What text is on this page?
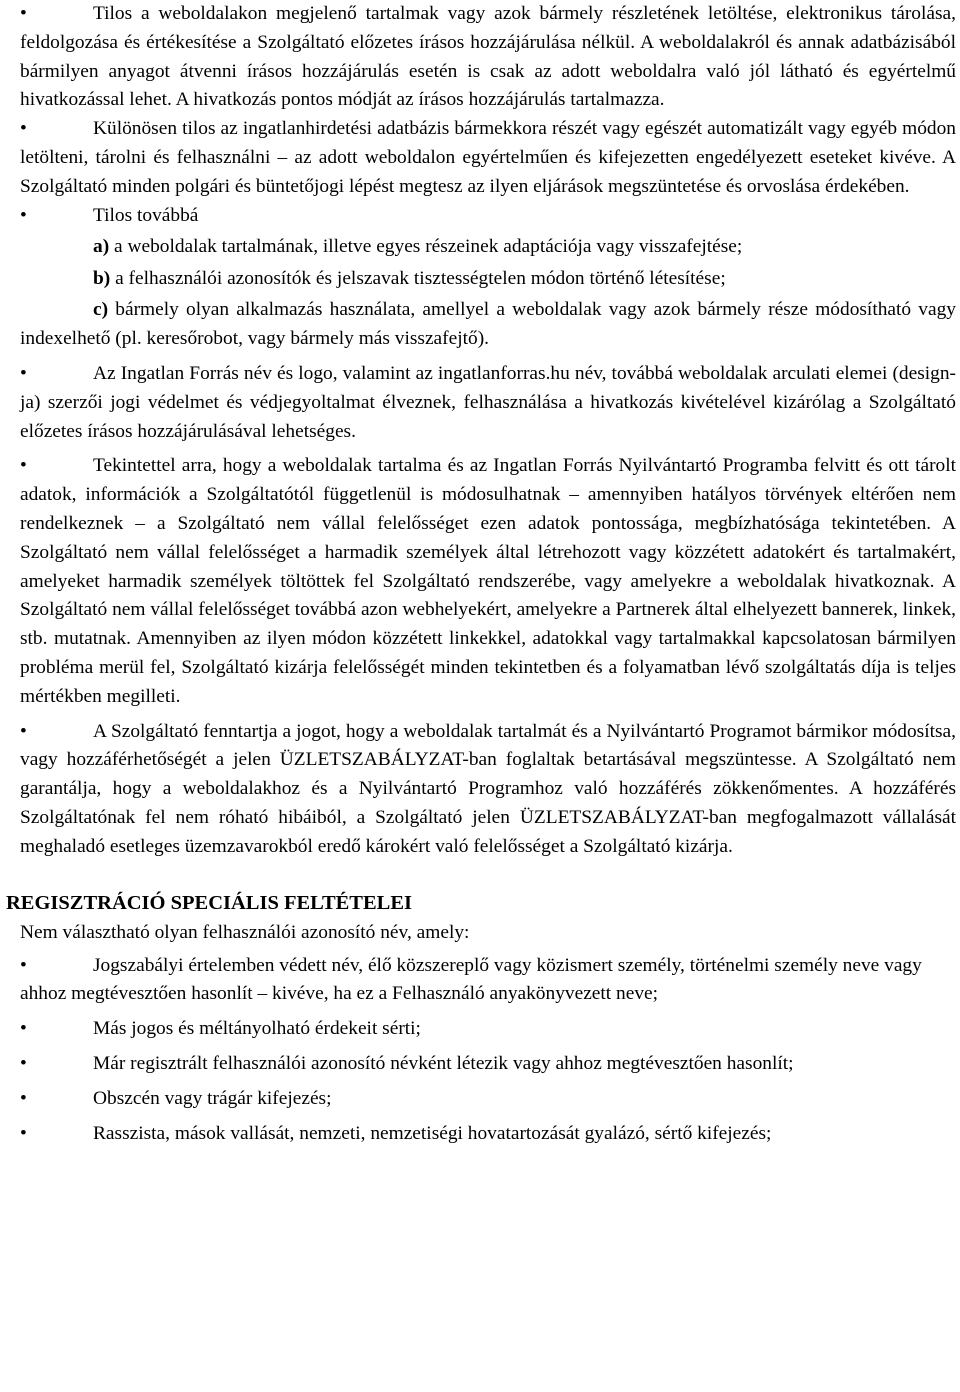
•	Tilos a weboldalakon megjelenő tartalmak vagy azok bármely részletének letöltése, elektronikus tárolása, feldolgozása és értékesítése a Szolgáltató előzetes írásos hozzájárulása nélkül. A weboldalakról és annak adatbázisából bármilyen anyagot átvenni írásos hozzájárulás esetén is csak az adott weboldalra való jól látható és egyértelmű hivatkozással lehet. A hivatkozás pontos módját az írásos hozzájárulás tartalmazza.

•	Különösen tilos az ingatlanhirdetési adatbázis bármekkora részét vagy egészét automatizált vagy egyéb módon letölteni, tárolni és felhasználni – az adott weboldalon egyértelműen és kifejezetten engedélyezett eseteket kivéve. A Szolgáltató minden polgári és büntetőjogi lépést megtesz az ilyen eljárások megszüntetése és orvoslása érdekében.

•	Tilos továbbá

a) a weboldalak tartalmának, illetve egyes részeinek adaptációja vagy visszafejtése;

b) a felhasználói azonosítók és jelszavak tisztességtelen módon történő létesítése;

c) bármely olyan alkalmazás használata, amellyel a weboldalak vagy azok bármely része módosítható vagy indexelhető (pl. keresőrobot, vagy bármely más visszafejtő).

•	Az Ingatlan Forrás név és logo, valamint az ingatlanforras.hu név, továbbá weboldalak arculati elemei (design-ja) szerzői jogi védelmet és védjegyoltalmat élveznek, felhasználása a hivatkozás kivételével kizárólag a Szolgáltató előzetes írásos hozzájárulásával lehetséges.

•	Tekintettel arra, hogy a weboldalak tartalma és az Ingatlan Forrás Nyilvántartó Programba felvitt és ott tárolt adatok, információk a Szolgáltatótól függetlenül is módosulhatnak – amennyiben hatályos törvények eltérően nem rendelkeznek – a Szolgáltató nem vállal felelősséget ezen adatok pontossága, megbízhatósága tekintetében. A Szolgáltató nem vállal felelősséget a harmadik személyek által létrehozott vagy közzétett adatokért és tartalmakért, amelyeket harmadik személyek töltöttek fel Szolgáltató rendszerébe, vagy amelyekre a weboldalak hivatkoznak. A Szolgáltató nem vállal felelősséget továbbá azon webhelyekért, amelyekre a Partnerek által elhelyezett bannerek, linkek, stb. mutatnak. Amennyiben az ilyen módon közzétett linkekkel, adatokkal vagy tartalmakkal kapcsolatosan bármilyen probléma merül fel, Szolgáltató kizárja felelősségét minden tekintetben és a folyamatban lévő szolgáltatás díja is teljes mértékben megilleti.

•	A Szolgáltató fenntartja a jogot, hogy a weboldalak tartalmát és a Nyilvántartó Programot bármikor módosítsa, vagy hozzáférhetőségét a jelen ÜZLETSZABÁLYZAT-ban foglaltak betartásával megszüntesse. A Szolgáltató nem garantálja, hogy a weboldalakhoz és a Nyilvántartó Programhoz való hozzáférés zökkenőmentes. A hozzáférés Szolgáltatónak fel nem róható hibáiból, a Szolgáltató jelen ÜZLETSZABÁLYZAT-ban megfogalmazott vállalását meghaladó esetleges üzemzavarokból eredő károkért való felelősséget a Szolgáltató kizárja.

REGISZTRÁCIÓ SPECIÁLIS FELTÉTELEI

Nem választható olyan felhasználói azonosító név, amely:

•	Jogszabályi értelemben védett név, élő közszereplő vagy közismert személy, történelmi személy neve vagy ahhoz megtévesztően hasonlít – kivéve, ha ez a Felhasználó anyakönyvezett neve;

•	Más jogos és méltányolható érdekeit sérti;

•	Már regisztrált felhasználói azonosító névként létezik vagy ahhoz megtévesztően hasonlít;

•	Obszcén vagy trágár kifejezés;

•	Rasszista, mások vallását, nemzeti, nemzetiségi hovatartozását gyalázó, sértő kifejezés;
